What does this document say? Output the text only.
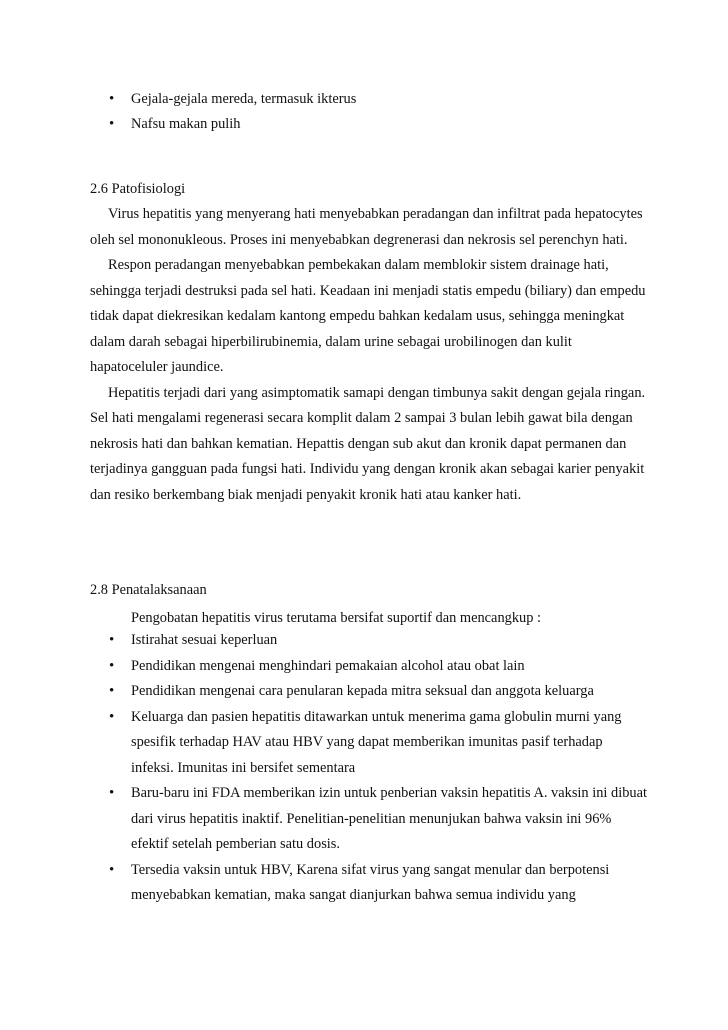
• Gejala-gejala mereda, termasuk ikterus
• Nafsu makan pulih
2.6 Patofisiologi

Virus hepatitis yang menyerang hati menyebabkan peradangan dan infiltrat pada hepatocytes oleh sel mononukleous. Proses ini menyebabkan degrenerasi dan nekrosis sel perenchyn hati.

Respon peradangan menyebabkan pembekakan dalam memblokir sistem drainage hati, sehingga terjadi destruksi pada sel hati. Keadaan ini menjadi statis empedu (biliary) dan empedu tidak dapat diekresikan kedalam kantong empedu bahkan kedalam usus, sehingga meningkat dalam darah sebagai hiperbilirubinemia, dalam urine sebagai urobilinogen dan kulit hapatoceluler jaundice.

Hepatitis terjadi dari yang asimptomatik samapi dengan timbunya sakit dengan gejala ringan. Sel hati mengalami regenerasi secara komplit dalam 2 sampai 3 bulan lebih gawat bila dengan nekrosis hati dan bahkan kematian. Hepattis dengan sub akut dan kronik dapat permanen dan terjadinya gangguan pada fungsi hati. Individu yang dengan kronik akan sebagai karier penyakit dan resiko berkembang biak menjadi penyakit kronik hati atau kanker hati.

2.8 Penatalaksanaan

Pengobatan hepatitis virus terutama bersifat suportif dan mencangkup :

• Istirahat sesuai keperluan
• Pendidikan mengenai menghindari pemakaian alcohol atau obat lain
• Pendidikan mengenai cara penularan kepada mitra seksual dan anggota keluarga
• Keluarga dan pasien hepatitis ditawarkan untuk menerima gama globulin murni yang spesifik terhadap HAV atau HBV yang dapat memberikan imunitas pasif terhadap infeksi. Imunitas ini bersifet sementara
• Baru-baru ini FDA memberikan izin untuk penberian vaksin hepatitis A. vaksin ini dibuat dari virus hepatitis inaktif. Penelitian-penelitian menunjukan bahwa vaksin ini 96% efektif setelah pemberian satu dosis.
• Tersedia vaksin untuk HBV, Karena sifat virus yang sangat menular dan berpotensi menyebabkan kematian, maka sangat dianjurkan bahwa semua individu yang
